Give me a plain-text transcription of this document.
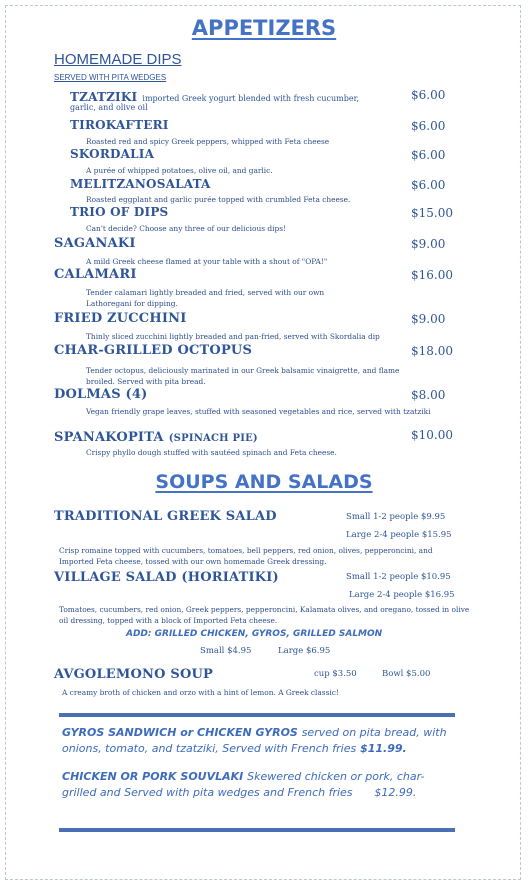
APPETIZERS
HOMEMADE DIPS
SERVED WITH PITA WEDGES
TZATZIKI imported Greek yogurt blended with fresh cucumber,	$6.00
garlic, and olive oil
TIROKAFTERI	$6.00
Roasted red and spicy Greek peppers, whipped with Feta cheese
SKORDALIA	$6.00
A purée of whipped potatoes, olive oil, and garlic.
MELITZANOSALATA	$6.00
Roasted eggplant and garlic purée topped with crumbled Feta cheese.
TRIO OF DIPS	$15.00
Can't decide? Choose any three of our delicious dips!
SAGANAKI	$9.00
A mild Greek cheese flamed at your table with a shout of "OPA!"
CALAMARI	$16.00
Tender calamari lightly breaded and fried, served with our own Lathoregani for dipping.
FRIED ZUCCHINI	$9.00
Thinly sliced zucchini lightly breaded and pan-fried, served with Skordalia dip
CHAR-GRILLED OCTOPUS	$18.00
Tender octopus, deliciously marinated in our Greek balsamic vinaigrette, and flame broiled. Served with pita bread.
DOLMAS (4)	$8.00
Vegan friendly grape leaves, stuffed with seasoned vegetables and rice, served with tzatziki
SPANAKOPITA (SPINACH PIE)	$10.00
Crispy phyllo dough stuffed with sautéed spinach and Feta cheese.
SOUPS AND SALADS
TRADITIONAL GREEK SALAD	Small 1-2 people $9.95
Large 2-4 people $15.95
Crisp romaine topped with cucumbers, tomatoes, bell peppers, red onion, olives, pepperoncini, and Imported Feta cheese, tossed with our own homemade Greek dressing.
VILLAGE SALAD (HORIATIKI)	Small 1-2 people $10.95
Large 2-4 people $16.95
Tomatoes, cucumbers, red onion, Greek peppers, pepperoncini, Kalamata olives, and oregano, tossed in olive oil dressing, topped with a block of Imported Feta cheese.
ADD: GRILLED CHICKEN, GYROS, GRILLED SALMON
Small $4.95	Large $6.95
AVGOLEMONO SOUP	cup $3.50	Bowl $5.00
A creamy broth of chicken and orzo with a hint of lemon. A Greek classic!
GYROS SANDWICH or CHICKEN GYROS served on pita bread, with onions, tomato, and tzatziki, Served with French fries $11.99.
CHICKEN OR PORK SOUVLAKI Skewered chicken or pork, char-grilled and Served with pita wedges and French fries $12.99.
